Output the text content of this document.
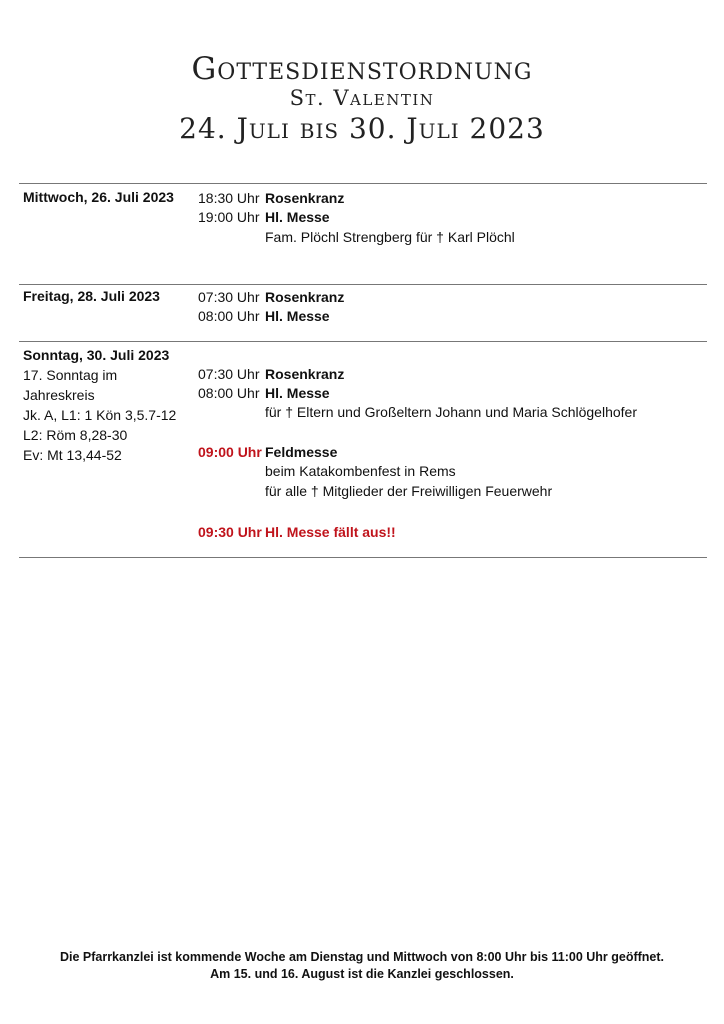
Gottesdienstordnung
St. Valentin
24. Juli bis 30. Juli 2023
Mittwoch, 26. Juli 2023	18:30 Uhr Rosenkranz
19:00 Uhr Hl. Messe
Fam. Plöchl Strengberg für † Karl Plöchl
Freitag, 28. Juli 2023	07:30 Uhr Rosenkranz
08:00 Uhr Hl. Messe
Sonntag, 30. Juli 2023
17. Sonntag im
Jahreskreis
Jk. A, L1: 1 Kön 3,5.7-12
L2: Röm 8,28-30
Ev: Mt 13,44-52
07:30 Uhr Rosenkranz
08:00 Uhr Hl. Messe
für † Eltern und Großeltern Johann und Maria Schlögelhofer
09:00 Uhr Feldmesse
beim Katakombenfest in Rems
für alle † Mitglieder der Freiwilligen Feuerwehr
09:30 Uhr Hl. Messe fällt aus!!
Die Pfarrkanzlei ist kommende Woche am Dienstag und Mittwoch von 8:00 Uhr bis 11:00 Uhr geöffnet.
Am 15. und 16. August ist die Kanzlei geschlossen.
